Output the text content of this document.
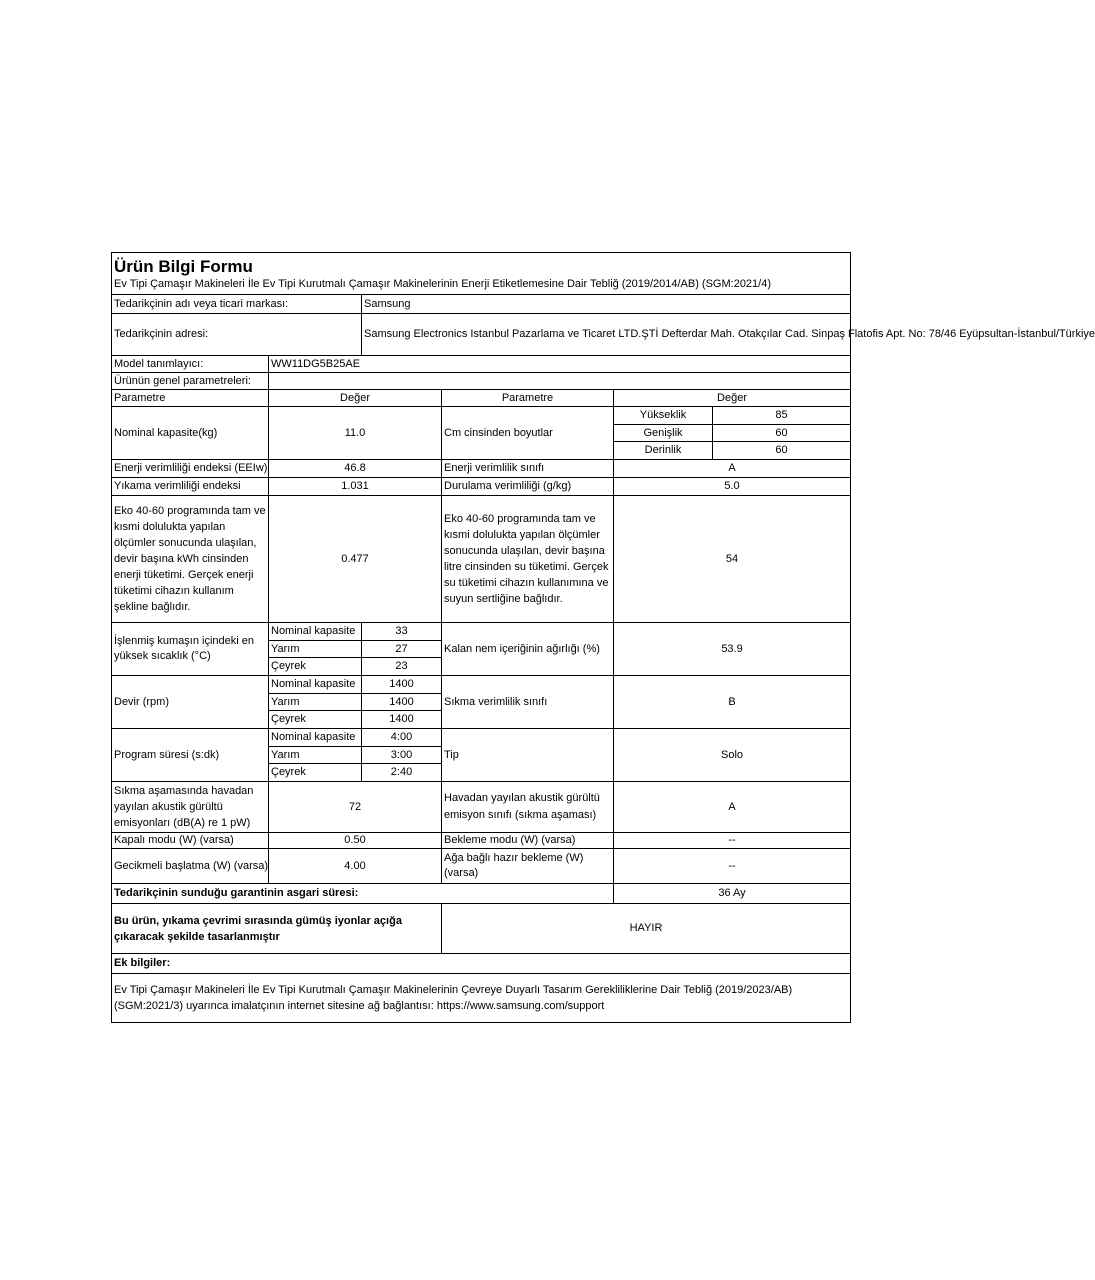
Ürün Bilgi Formu
Ev Tipi Çamaşır Makineleri İle Ev Tipi Kurutmalı Çamaşır Makinelerinin Enerji Etiketlemesine Dair Tebliğ (2019/2014/AB) (SGM:2021/4)					

Tedarikçinin adı veya ticari markası:		Samsung			
Tedarikçinin adresi:		Samsung Electronics Istanbul Pazarlama ve Ticaret LTD.ŞTİ Defterdar Mah. Otakçılar Cad. Sinpaş Flatofis Apt. No: 78/46 Eyüpsultan-İstanbul/Türkiye			
Model tanımlayıcı:	WW11DG5B25AE				
Ürünün genel parametreleri:					
Parametre	Değer		Parametre	Değer	
Nominal kapasite(kg)	11.0		Cm cinsinden boyutlar	Yükseklik	85
				Genişlik	60
				Derinlik	60
Enerji verimliliği endeksi (EEIw)	46.8		Enerji verimlilik sınıfı	A	
Yıkama verimliliği endeksi	1.031		Durulama verimliliği (g/kg)	5.0	
Eko 40-60 programında tam ve kısmi dolulukta yapılan ölçümler sonucunda ulaşılan, devir başına kWh cinsinden enerji tüketimi. Gerçek enerji tüketimi cihazın kullanım şekline bağlıdır.	0.477		Eko 40-60 programında tam ve kısmi dolulukta yapılan ölçümler sonucunda ulaşılan, devir başına litre cinsinden su tüketimi. Gerçek su tüketimi cihazın kullanımına ve suyun sertliğine bağlıdır.	54	
İşlenmiş kumaşın içindeki en yüksek sıcaklık (°C)	Nominal kapasite	33	Kalan nem içeriğinin ağırlığı (%)	53.9	
	Yarım	27			
	Çeyrek	23			
Devir (rpm)	Nominal kapasite	1400	Sıkma verimlilik sınıfı	B	
	Yarım	1400			
	Çeyrek	1400			
Program süresi (s:dk)	Nominal kapasite	4:00	Tip	Solo	
	Yarım	3:00			
	Çeyrek	2:40			
Sıkma aşamasında havadan yayılan akustik gürültü emisyonları (dB(A) re 1 pW)	72		Havadan yayılan akustik gürültü emisyon sınıfı (sıkma aşaması)	A	
Kapalı modu (W) (varsa)	0.50		Bekleme modu (W) (varsa)	--	
Gecikmeli başlatma (W) (varsa)	4.00		Ağa bağlı hazır bekleme (W) (varsa)	--	
Tedarikçinin sunduğu garantinin asgari süresi:				36 Ay	
Bu ürün, yıkama çevrimi sırasında gümüş iyonlar açığa çıkaracak şekilde tasarlanmıştır			HAYIR		
Ek bilgiler:					
Ev Tipi Çamaşır Makineleri İle Ev Tipi Kurutmalı Çamaşır Makinelerinin Çevreye Duyarlı Tasarım Gerekliliklerine Dair Tebliğ (2019/2023/AB) (SGM:2021/3) uyarınca imalatçının internet sitesine ağ bağlantısı: https://www.samsung.com/support					
